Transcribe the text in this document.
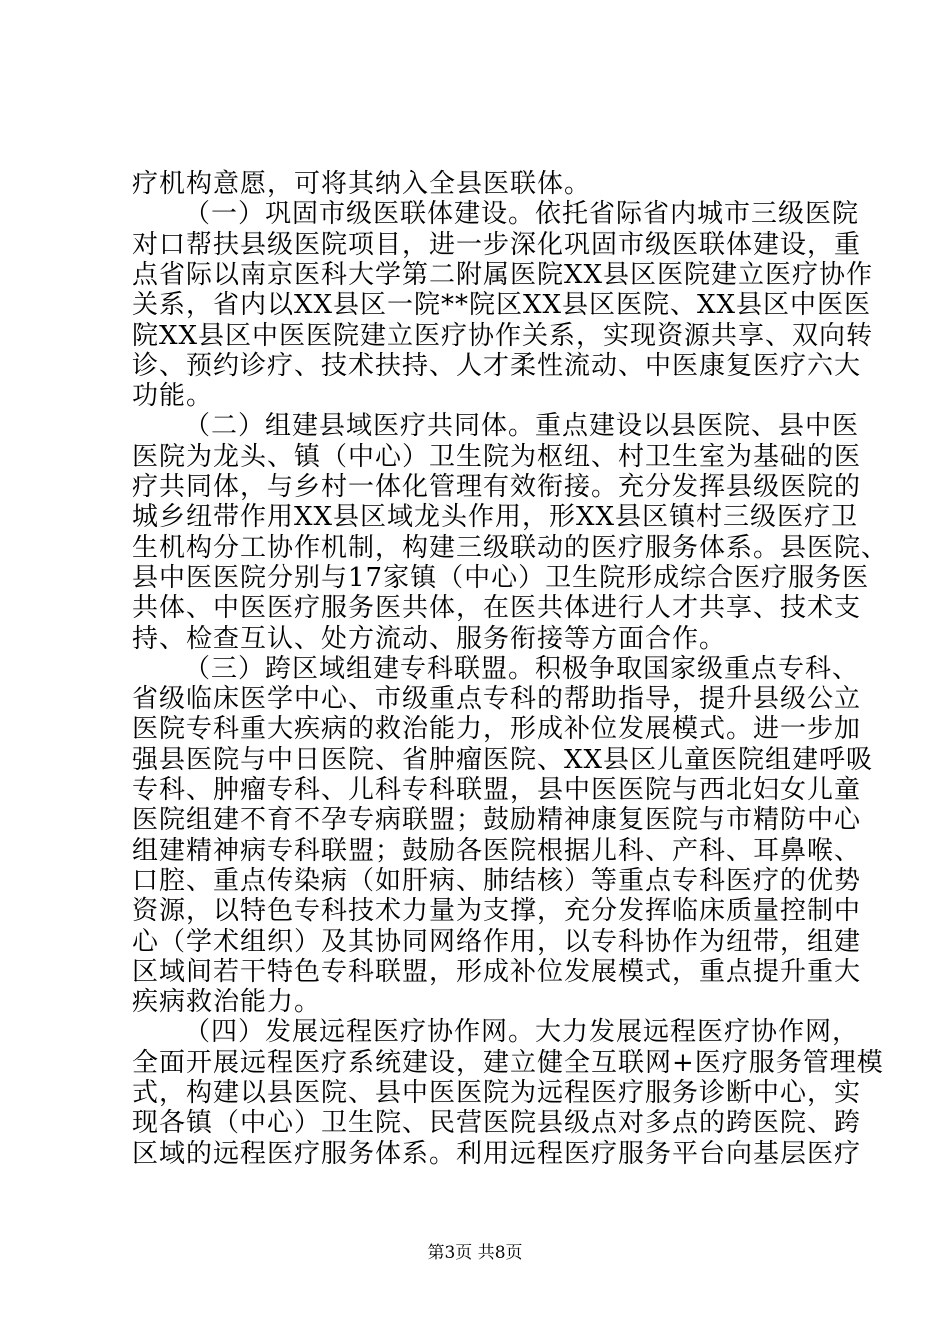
疗机构意愿，可将其纳入全县医联体。
（一）巩固市级医联体建设。依托省际省内城市三级医院
对口帮扶县级医院项目，进一步深化巩固市级医联体建设，重
点省际以南京医科大学第二附属医院XX县区医院建立医疗协作
关系，省内以XX县区一院**院区XX县区医院、XX县区中医医
院XX县区中医医院建立医疗协作关系，实现资源共享、双向转
诊、预约诊疗、技术扶持、人才柔性流动、中医康复医疗六大
功能。
（二）组建县域医疗共同体。重点建设以县医院、县中医
医院为龙头、镇（中心）卫生院为枢纽、村卫生室为基础的医
疗共同体，与乡村一体化管理有效衔接。充分发挥县级医院的
城乡纽带作用XX县区域龙头作用，形XX县区镇村三级医疗卫
生机构分工协作机制，构建三级联动的医疗服务体系。县医院、
县中医医院分别与17家镇（中心）卫生院形成综合医疗服务医
共体、中医医疗服务医共体，在医共体进行人才共享、技术支
持、检查互认、处方流动、服务衔接等方面合作。
（三）跨区域组建专科联盟。积极争取国家级重点专科、
省级临床医学中心、市级重点专科的帮助指导，提升县级公立
医院专科重大疾病的救治能力，形成补位发展模式。进一步加
强县医院与中日医院、省肿瘤医院、XX县区儿童医院组建呼吸
专科、肿瘤专科、儿科专科联盟，县中医医院与西北妇女儿童
医院组建不育不孕专病联盟；鼓励精神康复医院与市精防中心
组建精神病专科联盟；鼓励各医院根据儿科、产科、耳鼻喉、
口腔、重点传染病（如肝病、肺结核）等重点专科医疗的优势
资源，以特色专科技术力量为支撑，充分发挥临床质量控制中
心（学术组织）及其协同网络作用，以专科协作为纽带，组建
区域间若干特色专科联盟，形成补位发展模式，重点提升重大
疾病救治能力。
（四）发展远程医疗协作网。大力发展远程医疗协作网，
全面开展远程医疗系统建设，建立健全互联网+医疗服务管理模
式，构建以县医院、县中医医院为远程医疗服务诊断中心，实
现各镇（中心）卫生院、民营医院县级点对多点的跨医院、跨
区域的远程医疗服务体系。利用远程医疗服务平台向基层医疗
第3页 共8页
